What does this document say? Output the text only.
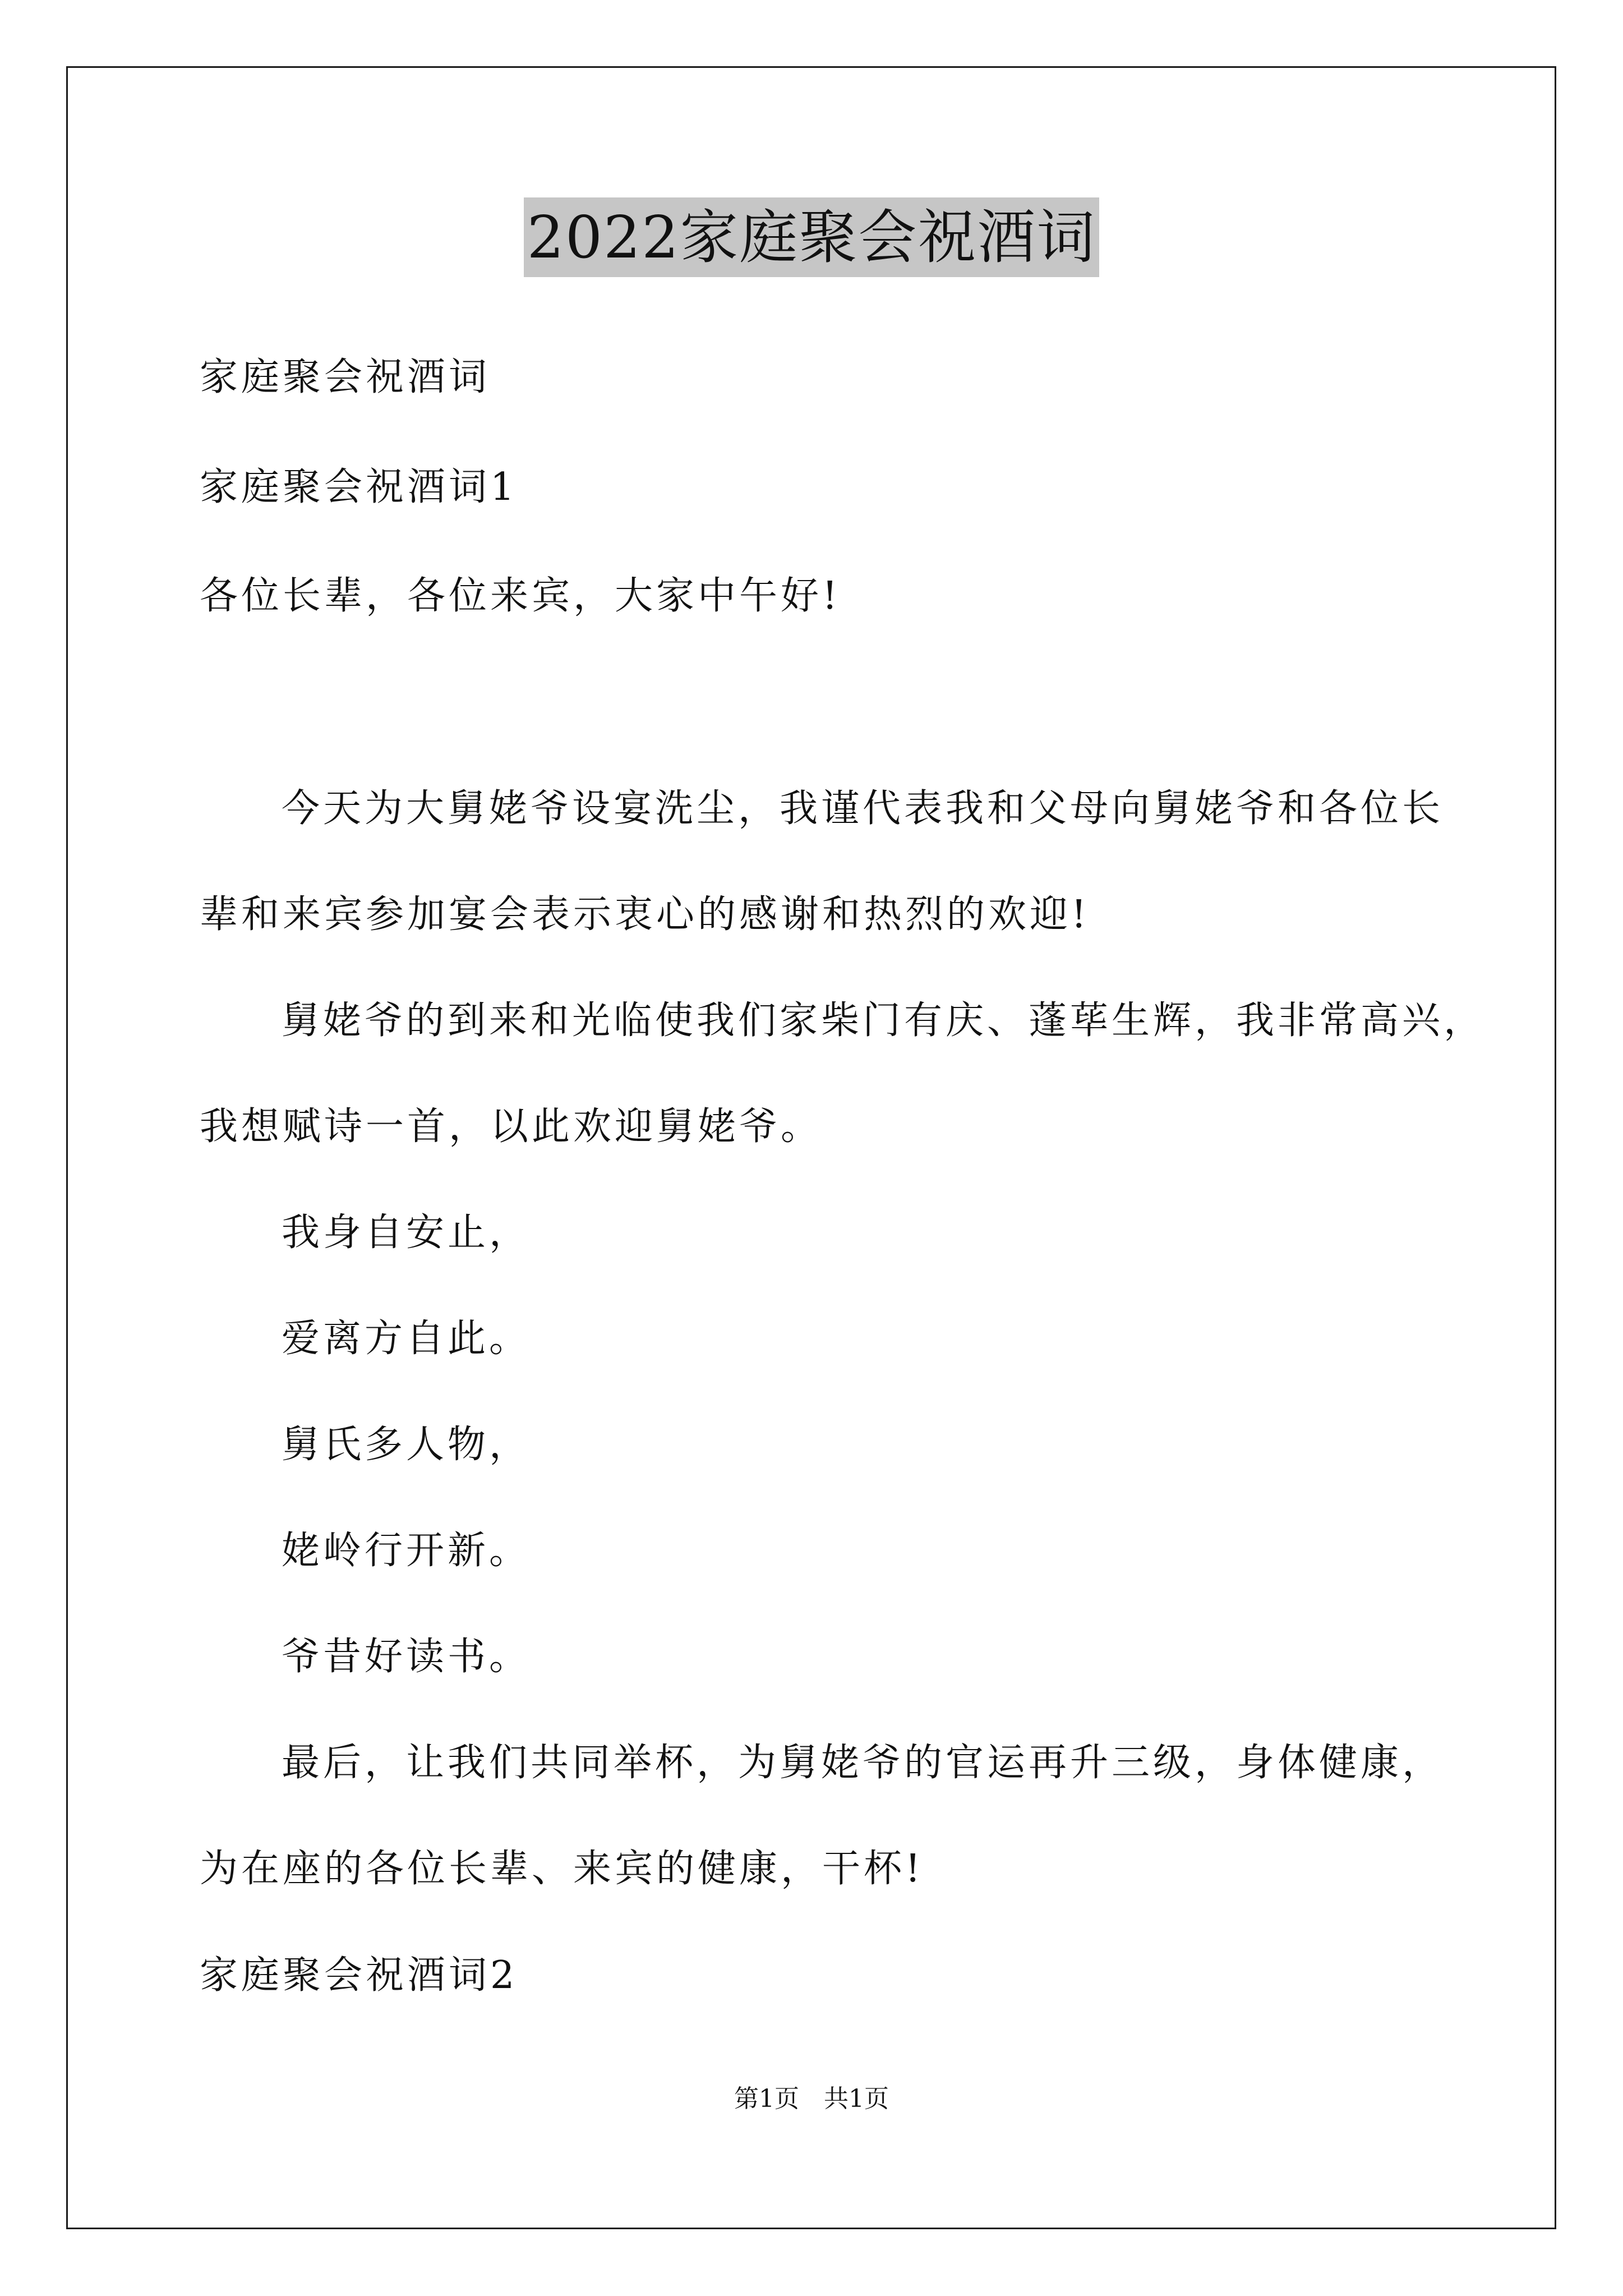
2022家庭聚会祝酒词
家庭聚会祝酒词
家庭聚会祝酒词1
各位长辈，各位来宾，大家中午好!
今天为大舅姥爷设宴洗尘，我谨代表我和父母向舅姥爷和各位长
辈和来宾参加宴会表示衷心的感谢和热烈的欢迎!
舅姥爷的到来和光临使我们家柴门有庆、蓬荜生辉，我非常高兴，
我想赋诗一首，以此欢迎舅姥爷。
我身自安止，
爱离方自此。
舅氏多人物，
姥岭行开新。
爷昔好读书。
最后，让我们共同举杯，为舅姥爷的官运再升三级，身体健康，
为在座的各位长辈、来宾的健康，干杯!
家庭聚会祝酒词2
第1页 共1页
